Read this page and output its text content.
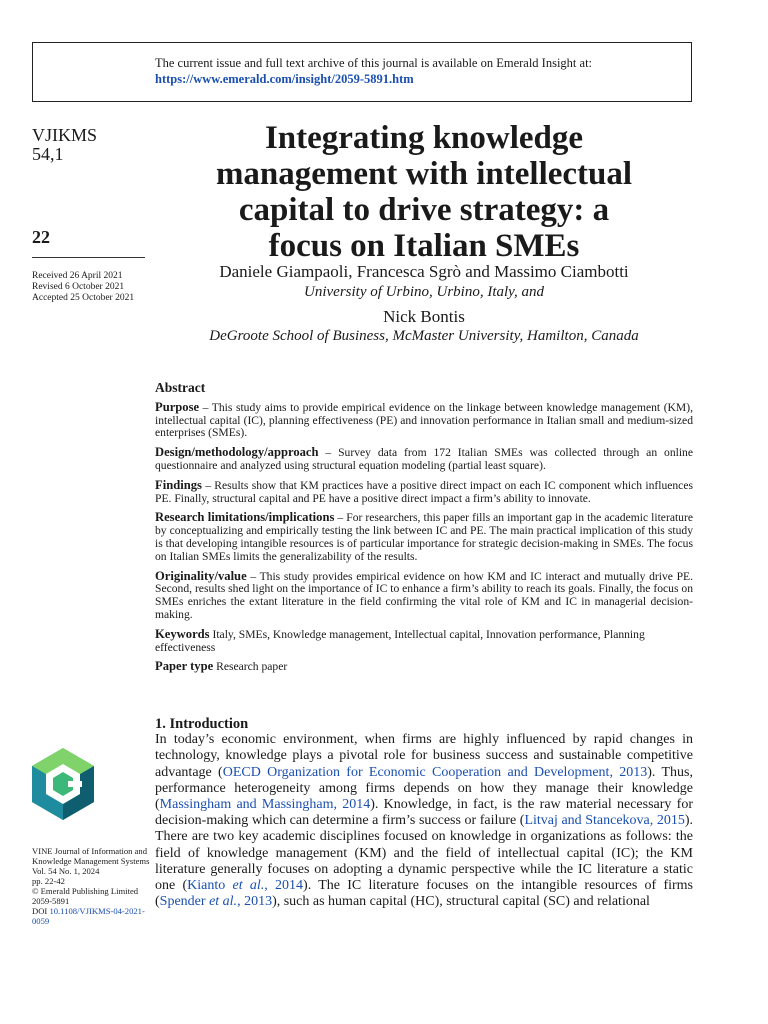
The current issue and full text archive of this journal is available on Emerald Insight at:
https://www.emerald.com/insight/2059-5891.htm
VJIKMS
54,1
22
Received 26 April 2021
Revised 6 October 2021
Accepted 25 October 2021
Integrating knowledge
management with intellectual
capital to drive strategy: a
focus on Italian SMEs
Daniele Giampaoli, Francesca Sgrò and Massimo Ciambotti
University of Urbino, Urbino, Italy, and
Nick Bontis
DeGroote School of Business, McMaster University, Hamilton, Canada
Abstract

Purpose – This study aims to provide empirical evidence on the linkage between knowledge management (KM), intellectual capital (IC), planning effectiveness (PE) and innovation performance in Italian small and medium-sized enterprises (SMEs).

Design/methodology/approach – Survey data from 172 Italian SMEs was collected through an online questionnaire and analyzed using structural equation modeling (partial least square).

Findings – Results show that KM practices have a positive direct impact on each IC component which influences PE. Finally, structural capital and PE have a positive direct impact a firm’s ability to innovate.

Research limitations/implications – For researchers, this paper fills an important gap in the academic literature by conceptualizing and empirically testing the link between IC and PE. The main practical implication of this study is that developing intangible resources is of particular importance for strategic decision-making in SMEs. The focus on Italian SMEs limits the generalizability of the results.

Originality/value – This study provides empirical evidence on how KM and IC interact and mutually drive PE. Second, results shed light on the importance of IC to enhance a firm’s ability to reach its goals. Finally, the focus on SMEs enriches the extant literature in the field confirming the vital role of KM and IC in managerial decision-making.

Keywords Italy, SMEs, Knowledge management, Intellectual capital, Innovation performance, Planning effectiveness

Paper type Research paper

1. Introduction

In today’s economic environment, when firms are highly influenced by rapid changes in technology, knowledge plays a pivotal role for business success and sustainable competitive advantage (OECD Organization for Economic Cooperation and Development, 2013). Thus, performance heterogeneity among firms depends on how they manage their knowledge (Massingham and Massingham, 2014). Knowledge, in fact, is the raw material necessary for decision-making which can determine a firm’s success or failure (Litvaj and Stancekova, 2015). There are two key academic disciplines focused on knowledge in organizations as follows: the field of knowledge management (KM) and the field of intellectual capital (IC); the KM literature generally focuses on adopting a dynamic perspective while the IC literature a static one (Kianto et al., 2014). The IC literature focuses on the intangible resources of firms (Spender et al., 2013), such as human capital (HC), structural capital (SC) and relational

VINE Journal of Information and
Knowledge Management Systems
Vol. 54 No. 1, 2024
pp. 22-42
© Emerald Publishing Limited
2059-5891
DOI 10.1108/VJIKMS-04-2021-0059
